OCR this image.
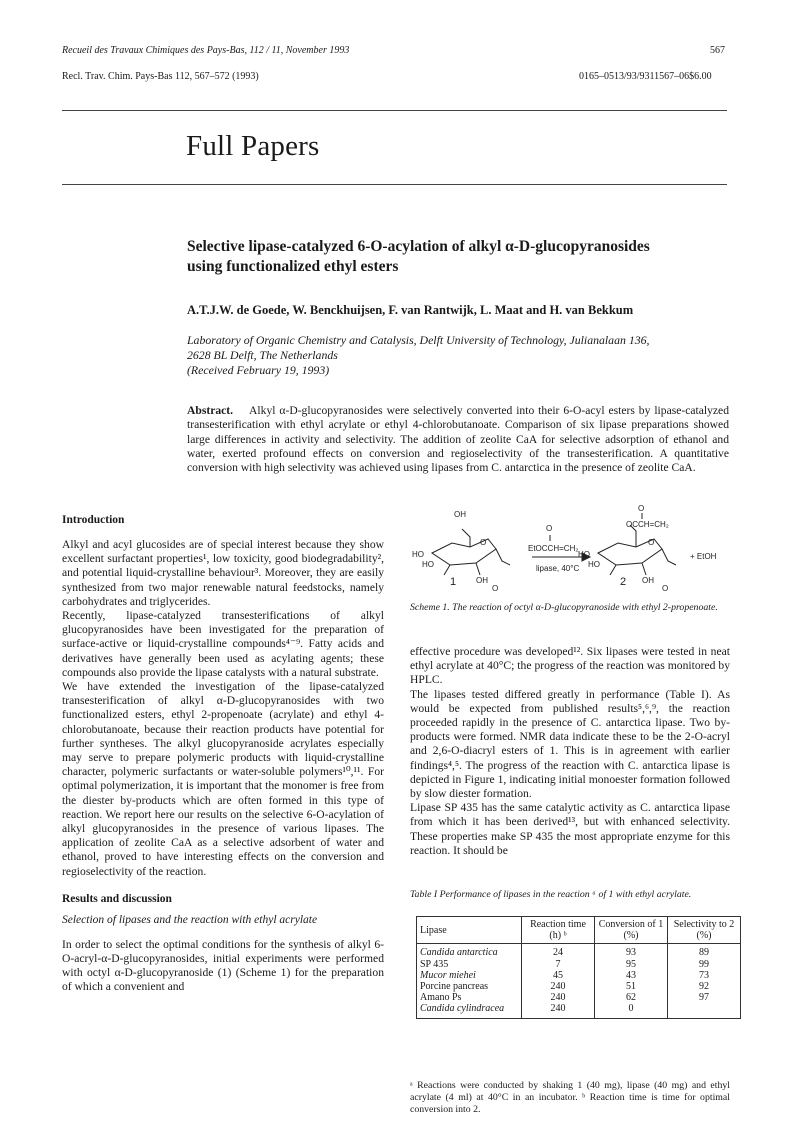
Recueil des Travaux Chimiques des Pays-Bas, 112 / 11, November 1993	567
Recl. Trav. Chim. Pays-Bas 112, 567–572 (1993)	0165–0513/93/9311567–06$6.00
Full Papers
Selective lipase-catalyzed 6-O-acylation of alkyl α-D-glucopyranosides
using functionalized ethyl esters
A.T.J.W. de Goede, W. Benckhuijsen, F. van Rantwijk, L. Maat and H. van Bekkum
Laboratory of Organic Chemistry and Catalysis, Delft University of Technology, Julianalaan 136,
2628 BL Delft, The Netherlands
(Received February 19, 1993)
Abstract. Alkyl α-D-glucopyranosides were selectively converted into their 6-O-acyl esters by lipase-catalyzed transesterification with ethyl acrylate or ethyl 4-chlorobutanoate. Comparison of six lipase preparations showed large differences in activity and selectivity. The addition of zeolite CaA for selective adsorption of ethanol and water, exerted profound effects on conversion and regioselectivity of the transesterification. A quantitative conversion with high selectivity was achieved using lipases from C. antarctica in the presence of zeolite CaA.
Introduction

Alkyl and acyl glucosides are of special interest because they show excellent surfactant properties¹, low toxicity, good biodegradability², and potential liquid-crystalline behaviour³. Moreover, they are easily synthesized from two major renewable natural feedstocks, namely carbohydrates and triglycerides.

Recently, lipase-catalyzed transesterifications of alkyl glucopyranosides have been investigated for the preparation of surface-active or liquid-crystalline compounds⁴⁻⁹. Fatty acids and derivatives have generally been used as acylating agents; these compounds also provide the lipase catalysts with a natural substrate.

We have extended the investigation of the lipase-catalyzed transesterification of alkyl α-D-glucopyranosides with two functionalized esters, ethyl 2-propenoate (acrylate) and ethyl 4-chlorobutanoate, because their reaction products have potential for further syntheses. The alkyl glucopyranoside acrylates especially may serve to prepare polymeric products with liquid-crystalline character, polymeric surfactants or water-soluble polymers¹⁰,¹¹. For optimal polymerization, it is important that the monomer is free from the diester by-products which are often formed in this type of reaction. We report here our results on the selective 6-O-acylation of alkyl glucopyranosides in the presence of various lipases. The application of zeolite CaA as a selective adsorbent of water and ethanol, proved to have interesting effects on the conversion and regioselectivity of the reaction.

Results and discussion
Selection of lipases and the reaction with ethyl acrylate

In order to select the optimal conditions for the synthesis of alkyl 6-O-acryl-α-D-glucopyranosides, initial experiments were performed with octyl α-D-glucopyranoside (1) (Scheme 1) for the preparation of which a convenient and

OH
O
HO
HO
OH
O
EtOCCH=CH₂
lipase, 40°C
O
OCCH=CH₂
O
HO
HO
OH
+ EtOH
1	2
O	O
Scheme 1. The reaction of octyl α-D-glucopyranoside with ethyl 2-propenoate.

effective procedure was developed¹². Six lipases were tested in neat ethyl acrylate at 40°C; the progress of the reaction was monitored by HPLC.

The lipases tested differed greatly in performance (Table I). As would be expected from published results⁵,⁶,⁹, the reaction proceeded rapidly in the presence of C. antarctica lipase. Two by-products were formed. NMR data indicate these to be the 2-O-acryl and 2,6-O-diacryl esters of 1. This is in agreement with earlier findings⁴,⁵. The progress of the reaction with C. antarctica lipase is depicted in Figure 1, indicating initial monoester formation followed by slow diester formation.

Lipase SP 435 has the same catalytic activity as C. antarctica lipase from which it has been derived¹³, but with enhanced selectivity. These properties make SP 435 the most appropriate enzyme for this reaction. It should be

Table I Performance of lipases in the reaction ᵃ of 1 with ethyl acrylate.
Lipase	Reaction time (h) ᵇ	Conversion of 1 (%)	Selectivity to 2 (%)
Candida antarctica	24	93	89
SP 435	7	95	99
Mucor miehei	45	43	73
Porcine pancreas	240	51	92
Amano Ps	240	62	97
Candida cylindracea	240	0	
ᵃ Reactions were conducted by shaking 1 (40 mg), lipase (40 mg) and ethyl acrylate (4 ml) at 40°C in an incubator. ᵇ Reaction time is time for optimal conversion into 2.
